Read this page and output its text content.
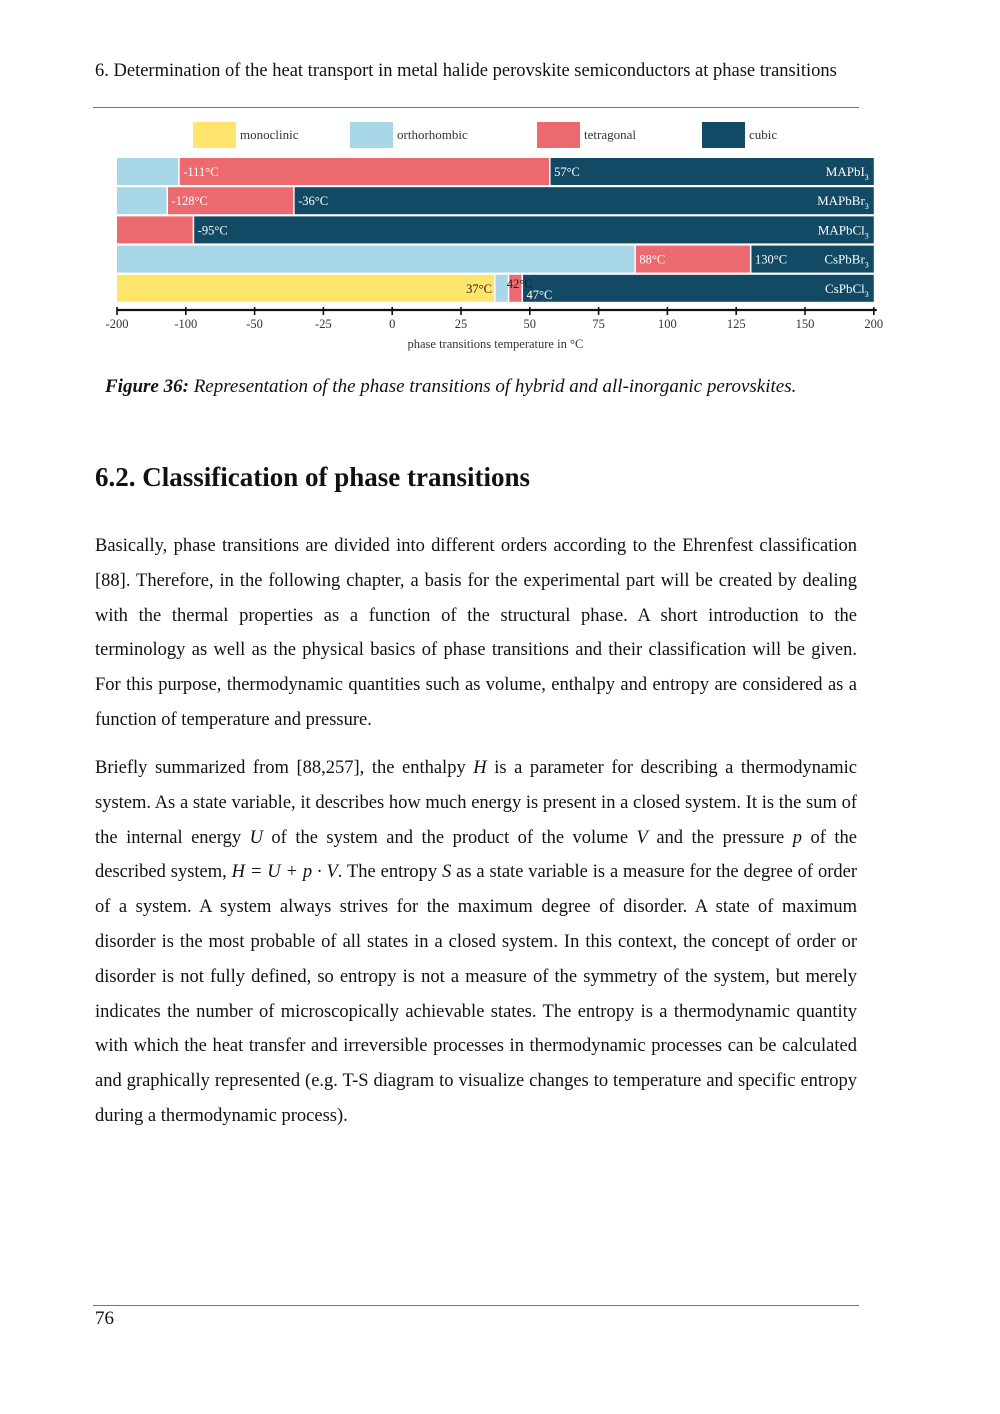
6. Determination of the heat transport in metal halide perovskite semiconductors at phase transitions
monoclinic	orthorhombic	tetragonal	cubic
-111°C	57°C	MAPbI$_3$
-128°C	-36°C	MAPbBr$_3$
-95°C	MAPbCl$_3$
88°C	130°C	CsPbBr$_3$
37°C 42°C
47°C	CsPbCl$_3$
-200	-100	-50	-25	0	25	50	75	100	125	150	200
phase transitions temperature in °C
Figure 36: Representation of the phase transitions of hybrid and all-inorganic perovskites.
6.2. Classification of phase transitions

Basically, phase transitions are divided into different orders according to the Ehrenfest classification [88]. Therefore, in the following chapter, a basis for the experimental part will be created by dealing with the thermal properties as a function of the structural phase. A short introduction to the terminology as well as the physical basics of phase transitions and their classification will be given. For this purpose, thermodynamic quantities such as volume, enthalpy and entropy are considered as a function of temperature and pressure.

Briefly summarized from [88,257], the enthalpy H is a parameter for describing a thermodynamic system. As a state variable, it describes how much energy is present in a closed system. It is the sum of the internal energy U of the system and the product of the volume V and the pressure p of the described system, H = U + p · V. The entropy S as a state variable is a measure for the degree of order of a system. A system always strives for the maximum degree of disorder. A state of maximum disorder is the most probable of all states in a closed system. In this context, the concept of order or disorder is not fully defined, so entropy is not a measure of the symmetry of the system, but merely indicates the number of microscopically achievable states. The entropy is a thermodynamic quantity with which the heat transfer and irreversible processes in thermodynamic processes can be calculated and graphically represented (e.g. T-S diagram to visualize changes to temperature and specific entropy during a thermodynamic process).

76
